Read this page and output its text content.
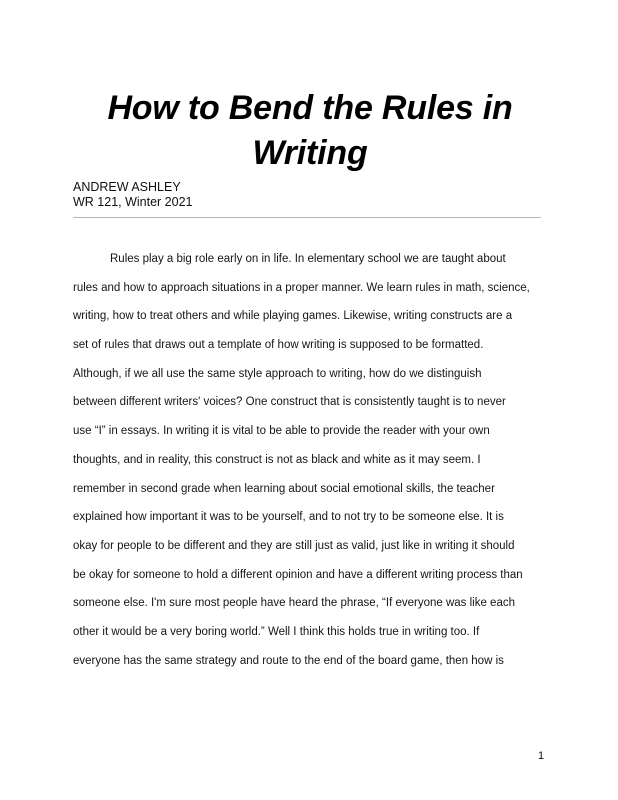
How to Bend the Rules in Writing
ANDREW ASHLEY
WR 121, Winter 2021
Rules play a big role early on in life. In elementary school we are taught about
rules and how to approach situations in a proper manner. We learn rules in math, science,
writing, how to treat others and while playing games. Likewise, writing constructs are a
set of rules that draws out a template of how writing is supposed to be formatted.
Although, if we all use the same style approach to writing, how do we distinguish
between different writers' voices? One construct that is consistently taught is to never
use “I” in essays. In writing it is vital to be able to provide the reader with your own
thoughts, and in reality, this construct is not as black and white as it may seem. I
remember in second grade when learning about social emotional skills, the teacher
explained how important it was to be yourself, and to not try to be someone else. It is
okay for people to be different and they are still just as valid, just like in writing it should
be okay for someone to hold a different opinion and have a different writing process than
someone else. I'm sure most people have heard the phrase, “If everyone was like each
other it would be a very boring world.” Well I think this holds true in writing too. If
everyone has the same strategy and route to the end of the board game, then how is
1
